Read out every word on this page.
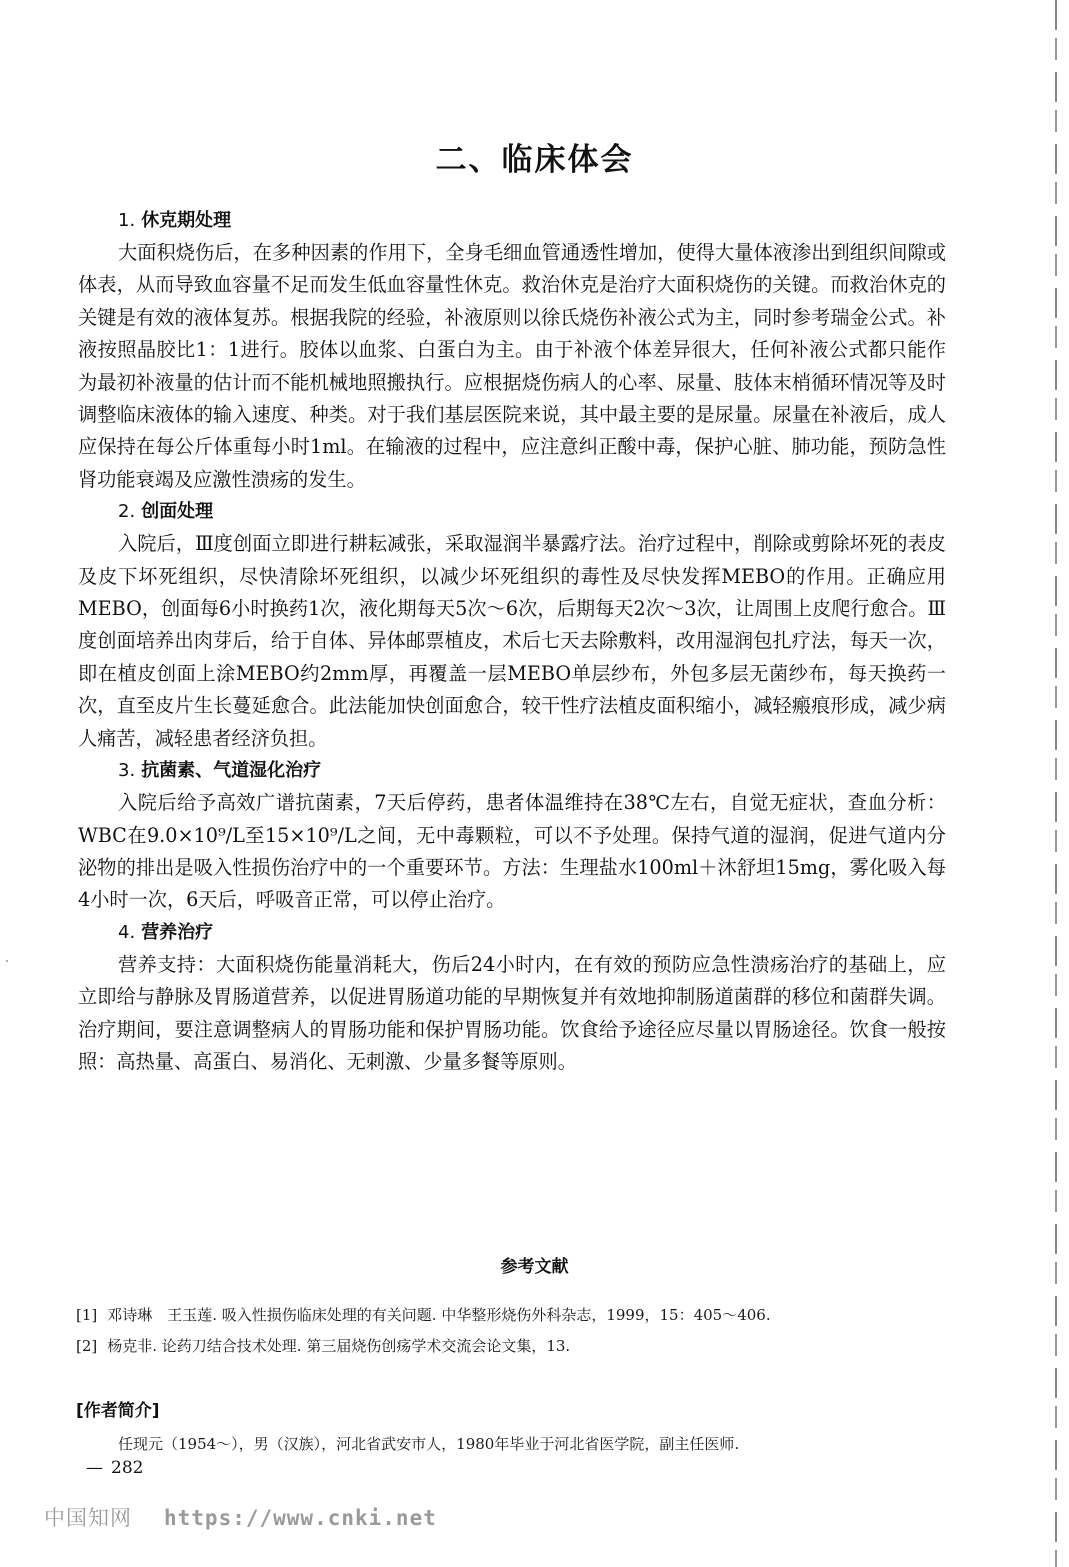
二、临床体会

1. 休克期处理

大面积烧伤后，在多种因素的作用下，全身毛细血管通透性增加，使得大量体液渗出到组织间隙或体表，从而导致血容量不足而发生低血容量性休克。救治休克是治疗大面积烧伤的关键。而救治休克的关键是有效的液体复苏。根据我院的经验，补液原则以徐氏烧伤补液公式为主，同时参考瑞金公式。补液按照晶胶比1：1进行。胶体以血浆、白蛋白为主。由于补液个体差异很大，任何补液公式都只能作为最初补液量的估计而不能机械地照搬执行。应根据烧伤病人的心率、尿量、肢体末梢循环情况等及时调整临床液体的输入速度、种类。对于我们基层医院来说，其中最主要的是尿量。尿量在补液后，成人应保持在每公斤体重每小时1ml。在输液的过程中，应注意纠正酸中毒，保护心脏、肺功能，预防急性肾功能衰竭及应激性溃疡的发生。

2. 创面处理

入院后，Ⅲ度创面立即进行耕耘减张，采取湿润半暴露疗法。治疗过程中，削除或剪除坏死的表皮及皮下坏死组织，尽快清除坏死组织，以减少坏死组织的毒性及尽快发挥MEBO的作用。正确应用MEBO，创面每6小时换药1次，液化期每天5次～6次，后期每天2次～3次，让周围上皮爬行愈合。Ⅲ度创面培养出肉芽后，给于自体、异体邮票植皮，术后七天去除敷料，改用湿润包扎疗法，每天一次，即在植皮创面上涂MEBO约2mm厚，再覆盖一层MEBO单层纱布，外包多层无菌纱布，每天换药一次，直至皮片生长蔓延愈合。此法能加快创面愈合，较干性疗法植皮面积缩小，减轻瘢痕形成，减少病人痛苦，减轻患者经济负担。

3. 抗菌素、气道湿化治疗

入院后给予高效广谱抗菌素，7天后停药，患者体温维持在38℃左右，自觉无症状，查血分析：WBC在9.0×10⁹/L至15×10⁹/L之间，无中毒颗粒，可以不予处理。保持气道的湿润，促进气道内分泌物的排出是吸入性损伤治疗中的一个重要环节。方法：生理盐水100ml＋沐舒坦15mg，雾化吸入每4小时一次，6天后，呼吸音正常，可以停止治疗。

4. 营养治疗

营养支持：大面积烧伤能量消耗大，伤后24小时内，在有效的预防应急性溃疡治疗的基础上，应立即给与静脉及胃肠道营养，以促进胃肠道功能的早期恢复并有效地抑制肠道菌群的移位和菌群失调。治疗期间，要注意调整病人的胃肠功能和保护胃肠功能。饮食给予途径应尽量以胃肠途径。饮食一般按照：高热量、高蛋白、易消化、无刺激、少量多餐等原则。

参考文献

[1] 邓诗琳　王玉莲. 吸入性损伤临床处理的有关问题. 中华整形烧伤外科杂志，1999，15：405～406.

[2] 杨克非. 论药刀结合技术处理. 第三届烧伤创疡学术交流会论文集，13.

[作者简介]

任现元（1954～），男（汉族），河北省武安市人，1980年毕业于河北省医学院，副主任医师.

— 282

中国知网 https://www.cnki.net
